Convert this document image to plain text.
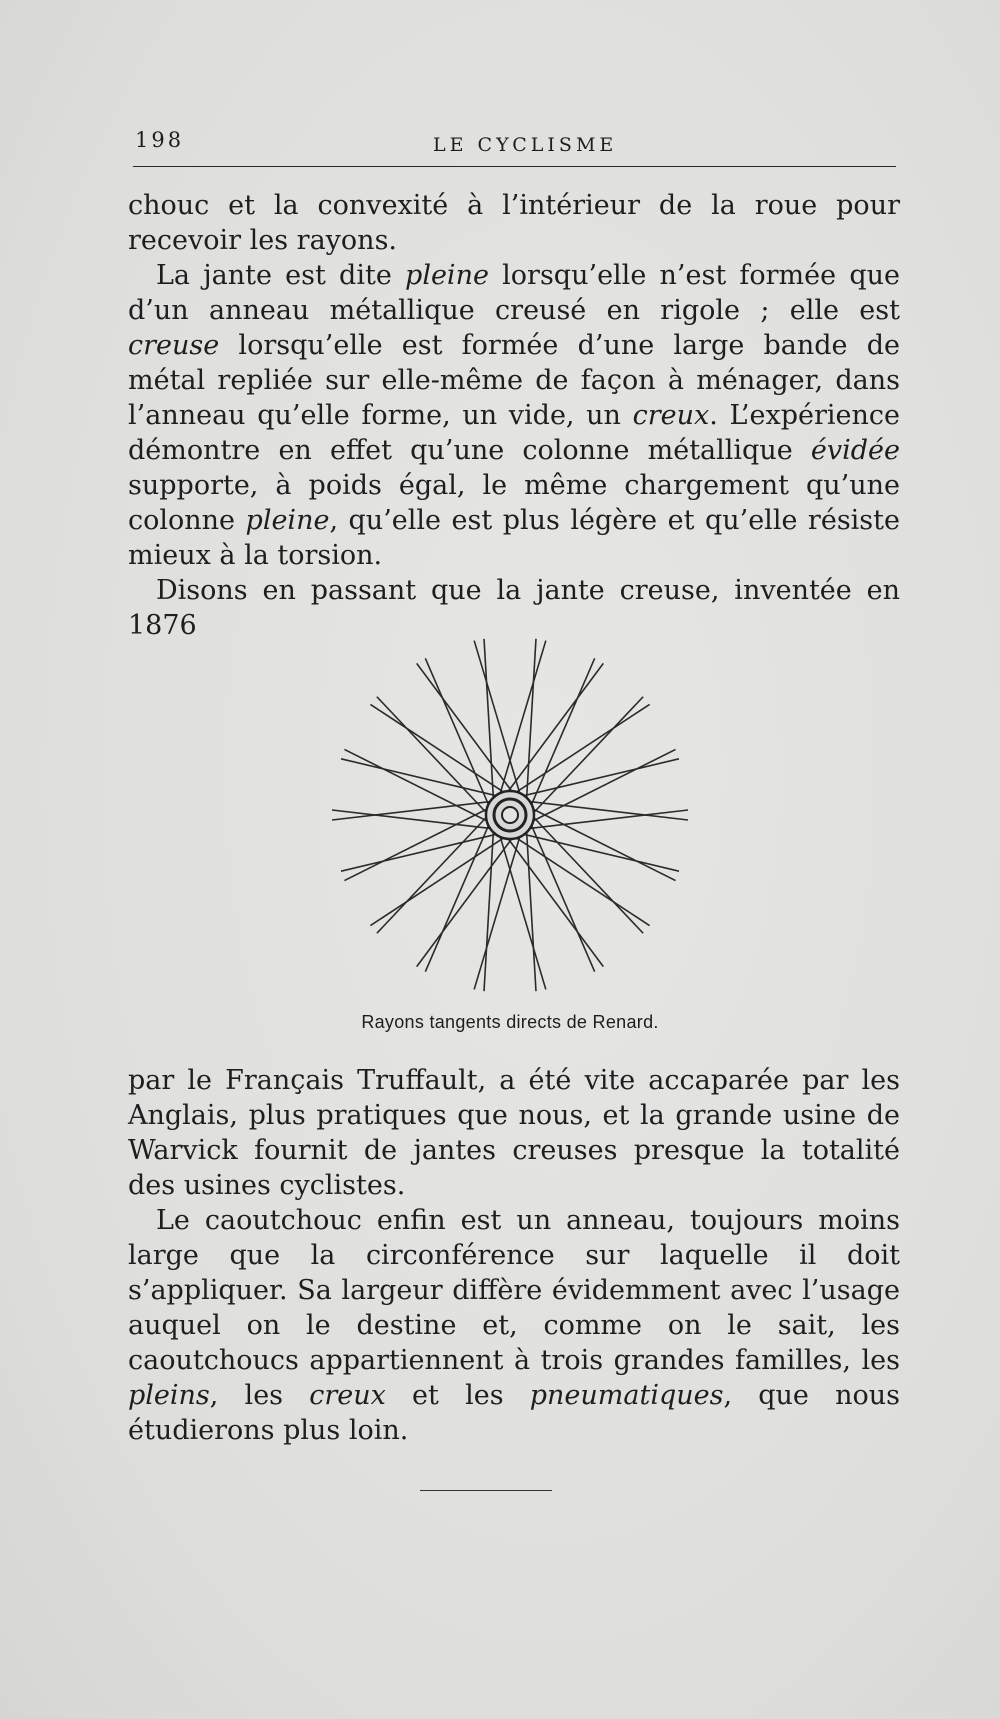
198	LE CYCLISME

chouc et la convexité à l’intérieur de la roue pour recevoir les rayons.

La jante est dite pleine lorsqu’elle n’est formée que d’un anneau métallique creusé en rigole ; elle est creuse lorsqu’elle est formée d’une large bande de métal repliée sur elle-même de façon à ménager, dans l’anneau qu’elle forme, un vide, un creux. L’expérience démontre en effet qu’une colonne métallique évidée supporte, à poids égal, le même chargement qu’une colonne pleine, qu’elle est plus légère et qu’elle résiste mieux à la torsion.

Disons en passant que la jante creuse, inventée en 1876

Rayons tangents directs de Renard.

par le Français Truffault, a été vite accaparée par les Anglais, plus pratiques que nous, et la grande usine de Warvick fournit de jantes creuses presque la totalité des usines cyclistes.

Le caoutchouc enfin est un anneau, toujours moins large que la circonférence sur laquelle il doit s’appliquer. Sa largeur diffère évidemment avec l’usage auquel on le destine et, comme on le sait, les caoutchoucs appartiennent à trois grandes familles, les pleins, les creux et les pneumatiques, que nous étudierons plus loin.
